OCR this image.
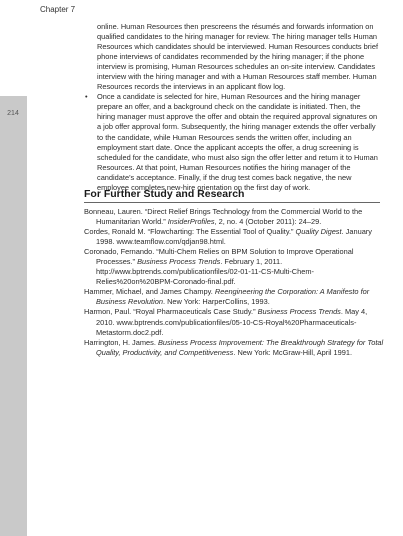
Chapter 7
214

online. Human Resources then prescreens the résumés and forwards information on qualified candidates to the hiring manager for review. The hiring manager tells Human Resources which candidates should be interviewed. Human Resources conducts brief phone interviews of candidates recommended by the hiring manager; if the phone interview is promising, Human Resources schedules an on-site interview. Candidates interview with the hiring manager and with a Human Resources staff member. Human Resources records the interviews in an applicant flow log.

• Once a candidate is selected for hire, Human Resources and the hiring manager prepare an offer, and a background check on the candidate is initiated. Then, the hiring manager must approve the offer and obtain the required approval signatures on a job offer approval form. Subsequently, the hiring manager extends the offer verbally to the candidate, while Human Resources sends the written offer, including an employment start date. Once the applicant accepts the offer, a drug screening is scheduled for the candidate, who must also sign the offer letter and return it to Human Resources. At that point, Human Resources notifies the hiring manager of the candidate’s acceptance. Finally, if the drug test comes back negative, the new employee completes new-hire orientation on the first day of work.

For Further Study and Research
Bonneau, Lauren. “Direct Relief Brings Technology from the Commercial World to the Humanitarian World.” InsiderProfiles, 2, no. 4 (October 2011): 24–29.
Cordes, Ronald M. “Flowcharting: The Essential Tool of Quality.” Quality Digest. January 1998. www.teamflow.com/qdjan98.html.
Coronado, Fernando. “Multi-Chem Relies on BPM Solution to Improve Operational Processes.” Business Process Trends. February 1, 2011. http://www.bptrends.com/publicationfiles/02-01-11-CS-Multi-Chem-Relies%20on%20BPM-Coronado-final.pdf.
Hammer, Michael, and James Champy. Reengineering the Corporation: A Manifesto for Business Revolution. New York: HarperCollins, 1993.
Harmon, Paul. “Royal Pharmaceuticals Case Study.” Business Process Trends. May 4, 2010. www.bptrends.com/publicationfiles/05-10-CS-Royal%20Pharmaceuticals-Metastorm.doc2.pdf.
Harrington, H. James. Business Process Improvement: The Breakthrough Strategy for Total Quality, Productivity, and Competitiveness. New York: McGraw-Hill, April 1991.
